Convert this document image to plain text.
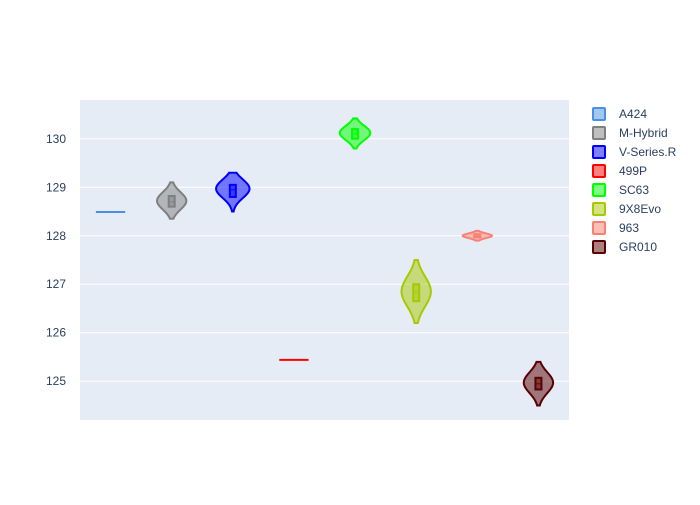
125
126
127
128
129
130
A424
M-Hybrid
V-Series.R
499P
SC63
9X8Evo
963
GR010
